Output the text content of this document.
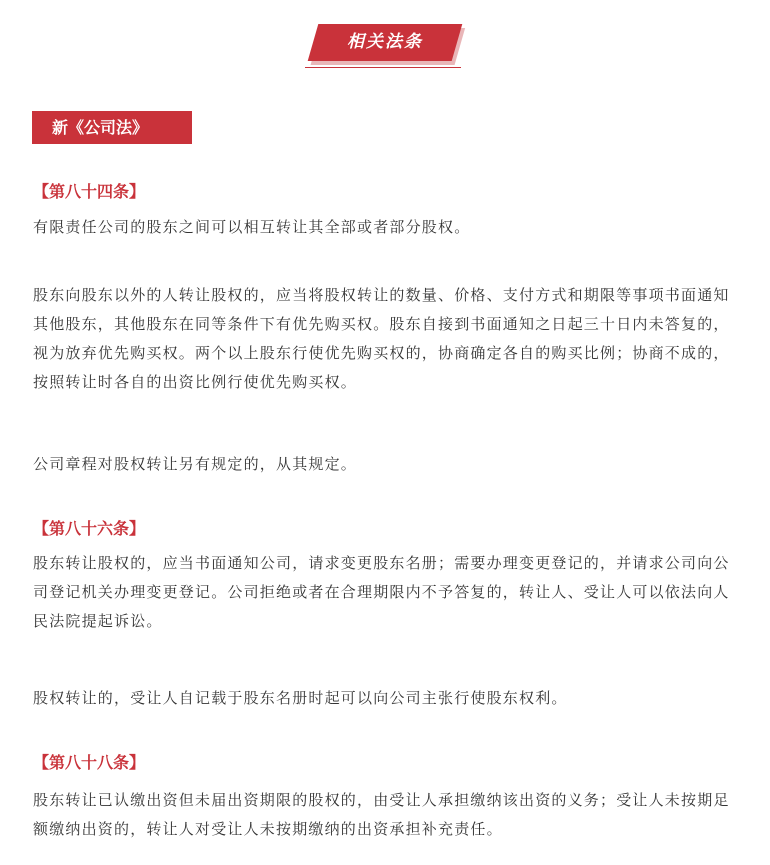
相关法条
新《公司法》
【第八十四条】

有限责任公司的股东之间可以相互转让其全部或者部分股权。

股东向股东以外的人转让股权的，应当将股权转让的数量、价格、支付方式和期限等事项书面通知其他股东，其他股东在同等条件下有优先购买权。股东自接到书面通知之日起三十日内未答复的，视为放弃优先购买权。两个以上股东行使优先购买权的，协商确定各自的购买比例；协商不成的，按照转让时各自的出资比例行使优先购买权。

公司章程对股权转让另有规定的，从其规定。

【第八十六条】

股东转让股权的，应当书面通知公司，请求变更股东名册；需要办理变更登记的，并请求公司向公司登记机关办理变更登记。公司拒绝或者在合理期限内不予答复的，转让人、受让人可以依法向人民法院提起诉讼。

股权转让的，受让人自记载于股东名册时起可以向公司主张行使股东权利。

【第八十八条】

股东转让已认缴出资但未届出资期限的股权的，由受让人承担缴纳该出资的义务；受让人未按期足额缴纳出资的，转让人对受让人未按期缴纳的出资承担补充责任。
